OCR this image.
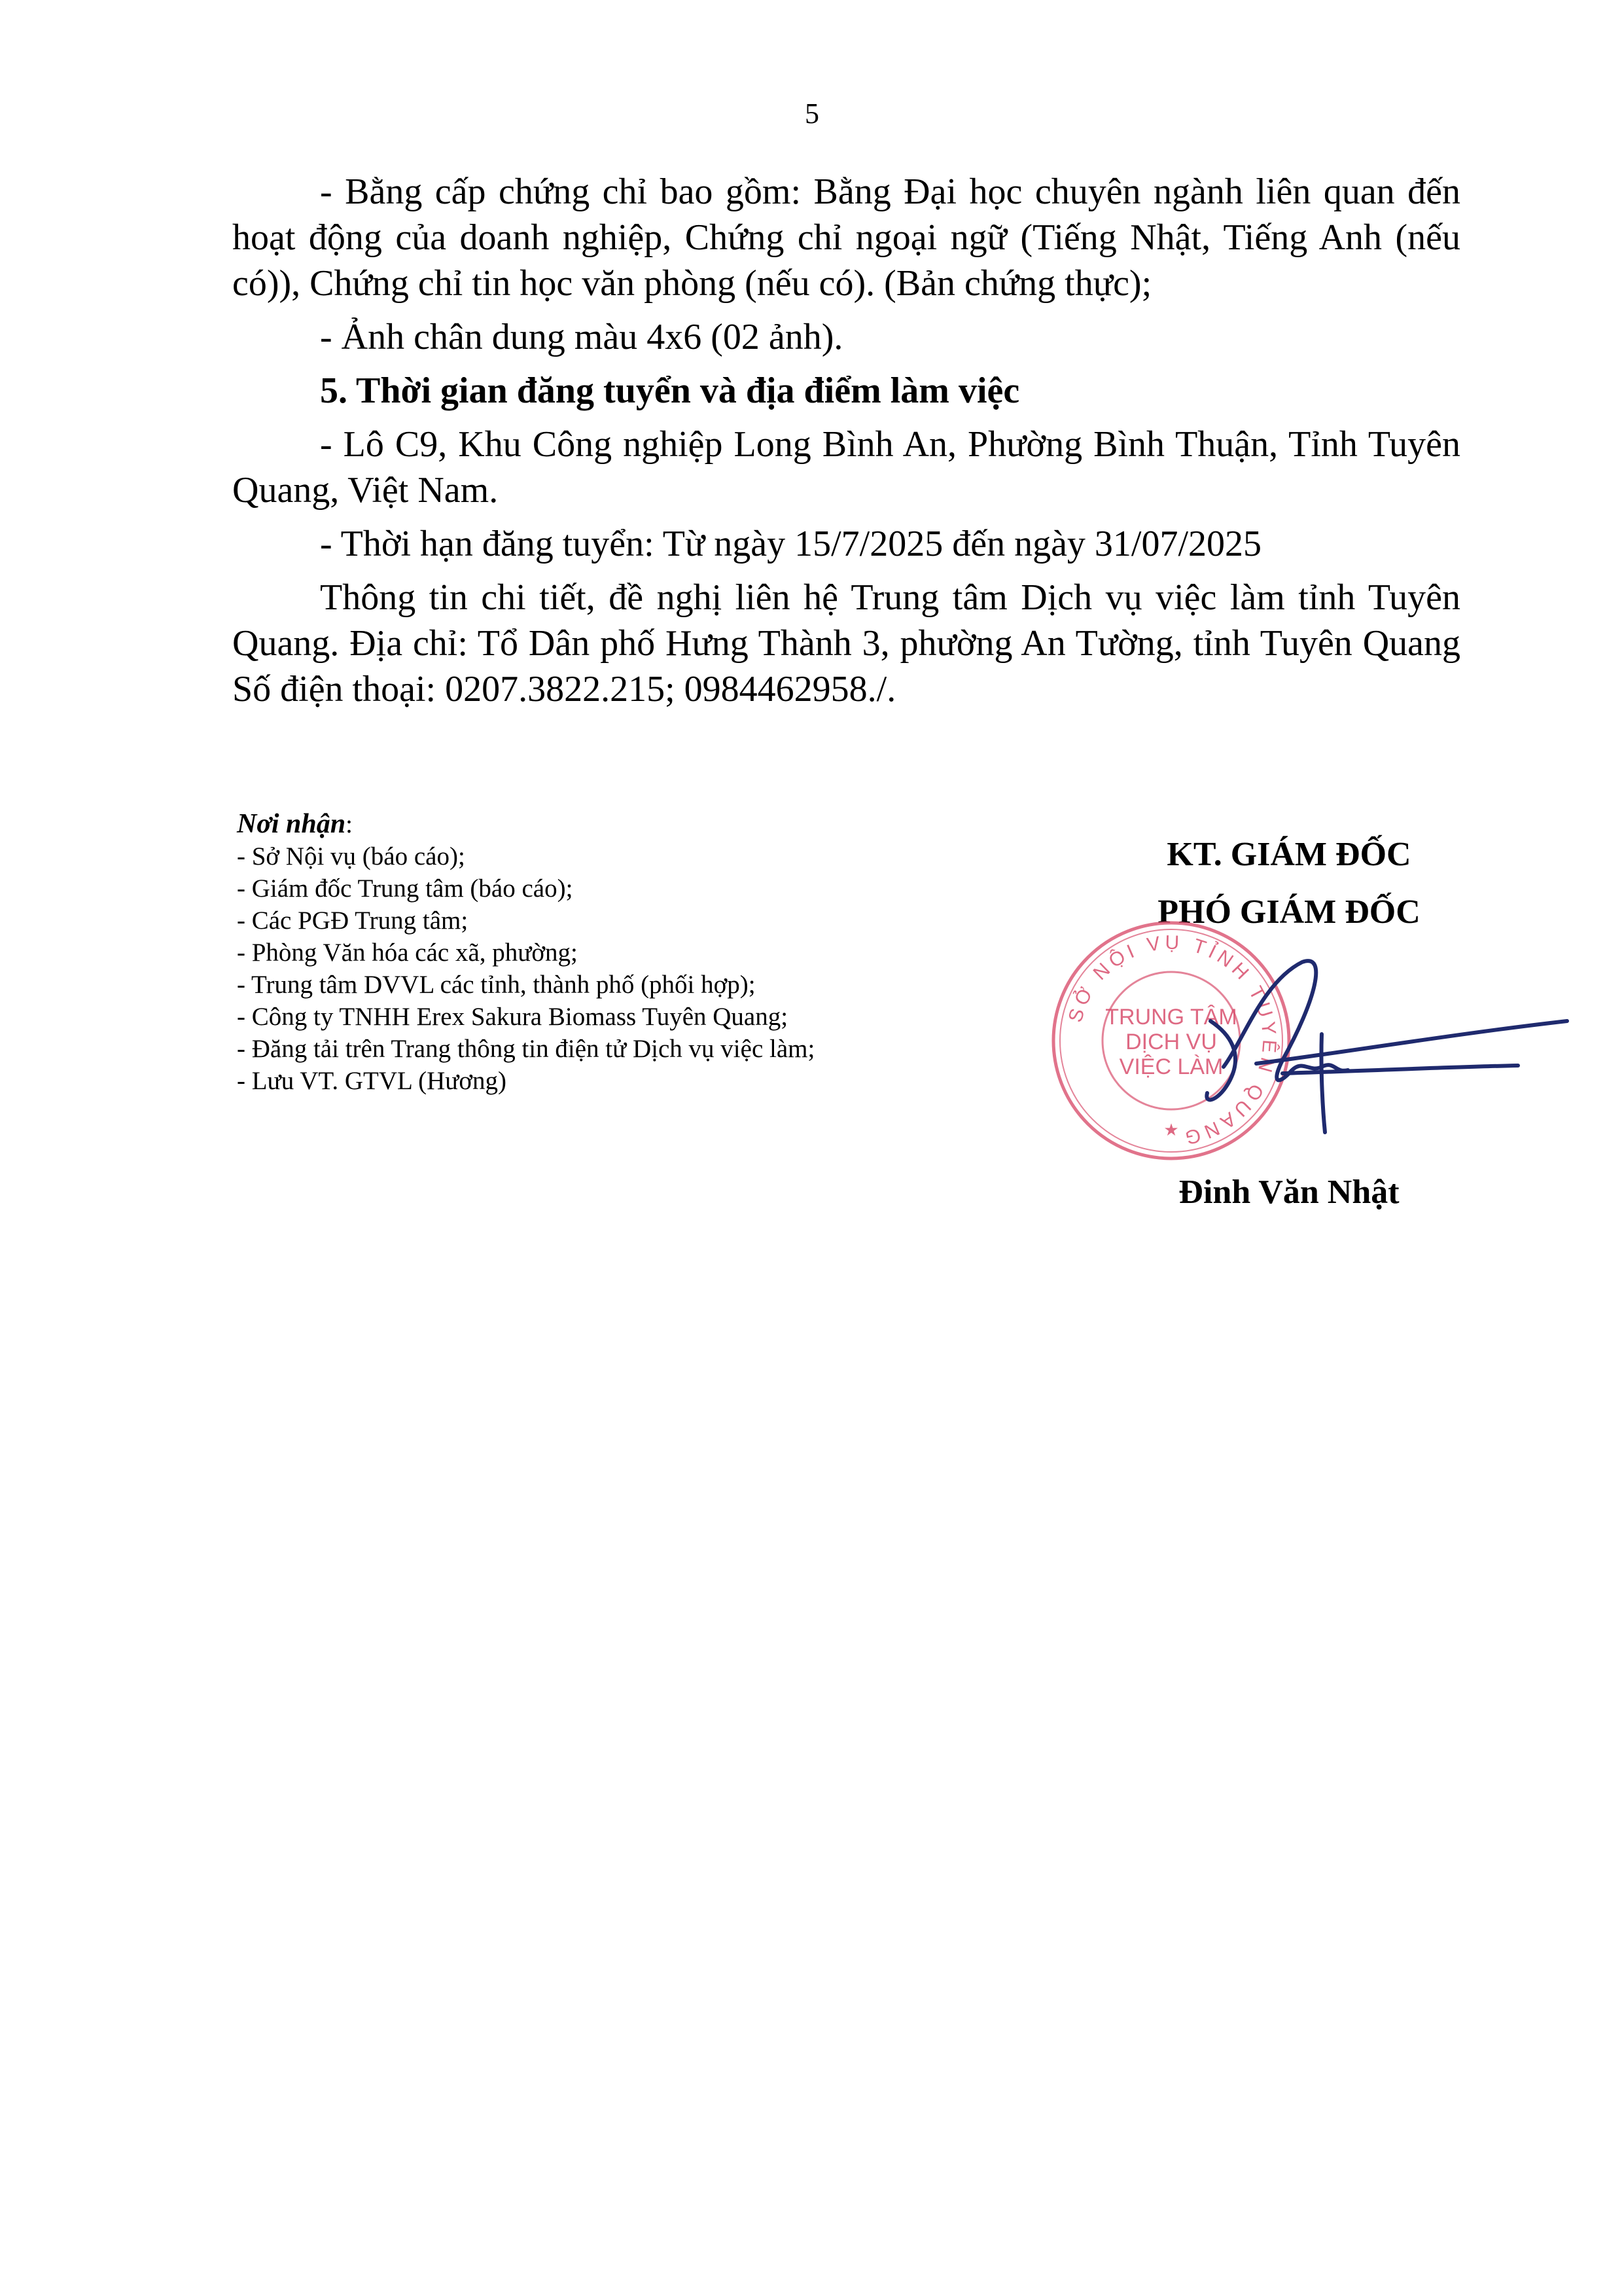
5

- Bằng cấp chứng chỉ bao gồm: Bằng Đại học chuyên ngành liên quan đến hoạt động của doanh nghiệp, Chứng chỉ ngoại ngữ (Tiếng Nhật, Tiếng Anh (nếu có)), Chứng chỉ tin học văn phòng (nếu có). (Bản chứng thực);

- Ảnh chân dung màu 4x6 (02 ảnh).

5. Thời gian đăng tuyển và địa điểm làm việc

- Lô C9, Khu Công nghiệp Long Bình An, Phường Bình Thuận, Tỉnh Tuyên Quang, Việt Nam.

- Thời hạn đăng tuyển: Từ ngày 15/7/2025 đến ngày 31/07/2025

Thông tin chi tiết, đề nghị liên hệ Trung tâm Dịch vụ việc làm tỉnh Tuyên Quang. Địa chỉ: Tổ Dân phố Hưng Thành 3, phường An Tường, tỉnh Tuyên Quang Số điện thoại: 0207.3822.215; 0984462958./.

Nơi nhận:
- Sở Nội vụ (báo cáo);
- Giám đốc Trung tâm (báo cáo);
- Các PGĐ Trung tâm;
- Phòng Văn hóa các xã, phường;
- Trung tâm DVVL các tỉnh, thành phố (phối hợp);
- Công ty TNHH Erex Sakura Biomass Tuyên Quang;
- Đăng tải trên Trang thông tin điện tử Dịch vụ việc làm;
- Lưu VT. GTVL (Hương)
KT. GIÁM ĐỐC
PHÓ GIÁM ĐỐC
SỞ NỘI VỤ TỈNH TUYÊN QUANG
TRUNG TÂM
DỊCH VỤ
VIỆC LÀM
★
Đinh Văn Nhật
